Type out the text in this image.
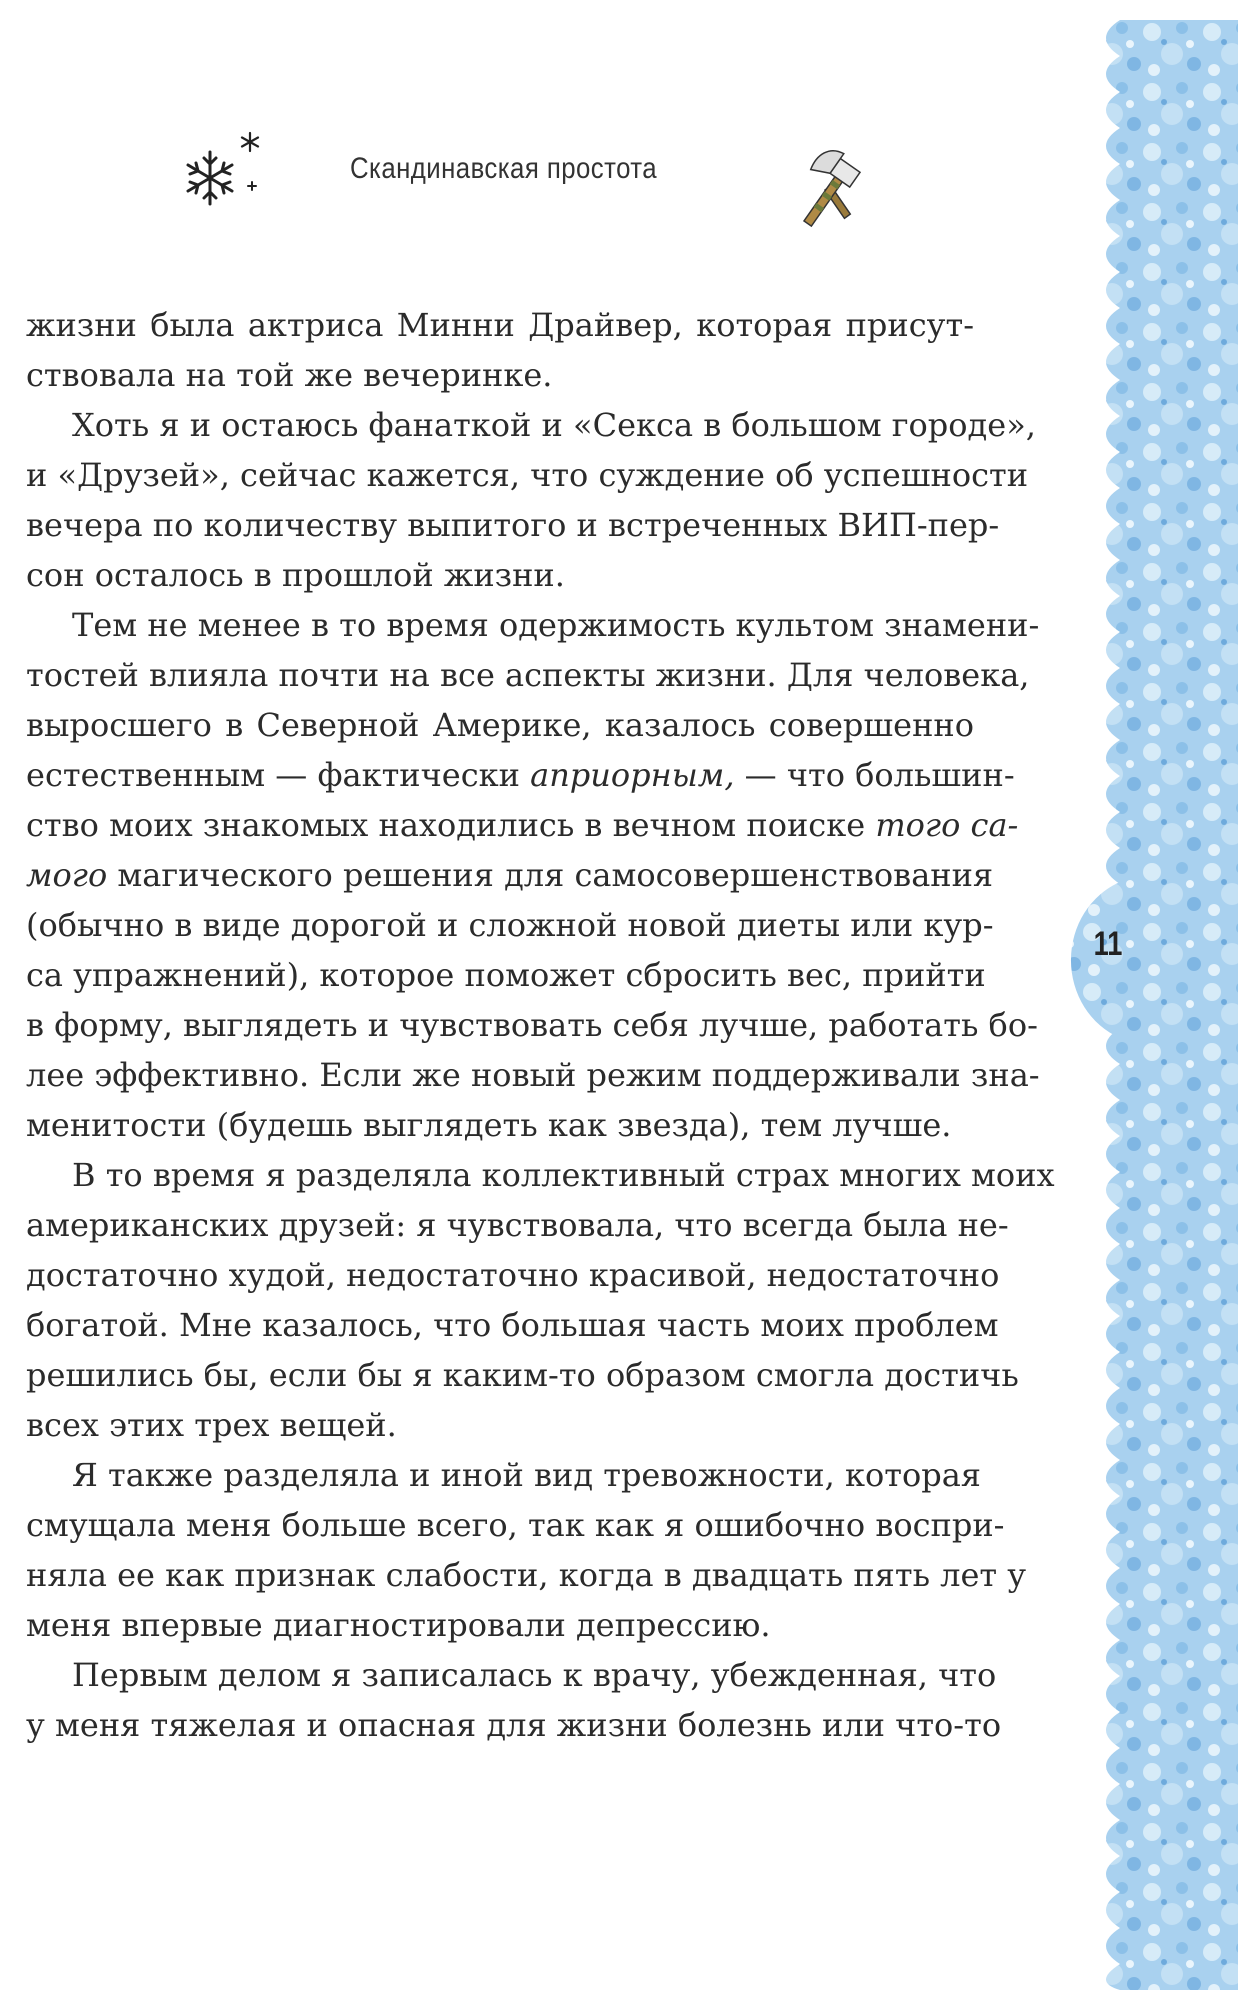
11
Скандинавская простота
жизни была актриса Минни Драйвер, которая присут-
ствовала на той же вечеринке.
Хоть я и остаюсь фанаткой и «Секса в большом городе»,
и «Друзей», сейчас кажется, что суждение об успешности
вечера по количеству выпитого и встреченных ВИП-пер-
сон осталось в прошлой жизни.
Тем не менее в то время одержимость культом знамени-
тостей влияла почти на все аспекты жизни. Для человека,
выросшего в Северной Америке, казалось совершенно
естественным — фактически априорным, — что большин-
ство моих знакомых находились в вечном поиске того са-
мого магического решения для самосовершенствования
(обычно в виде дорогой и сложной новой диеты или кур-
са упражнений), которое поможет сбросить вес, прийти
в форму, выглядеть и чувствовать себя лучше, работать бо-
лее эффективно. Если же новый режим поддерживали зна-
менитости (будешь выглядеть как звезда), тем лучше.
В то время я разделяла коллективный страх многих моих
американских друзей: я чувствовала, что всегда была не-
достаточно худой, недостаточно красивой, недостаточно
богатой. Мне казалось, что большая часть моих проблем
решились бы, если бы я каким-то образом смогла достичь
всех этих трех вещей.
Я также разделяла и иной вид тревожности, которая
смущала меня больше всего, так как я ошибочно воспри-
няла ее как признак слабости, когда в двадцать пять лет у
меня впервые диагностировали депрессию.
Первым делом я записалась к врачу, убежденная, что
у меня тяжелая и опасная для жизни болезнь или что-то
